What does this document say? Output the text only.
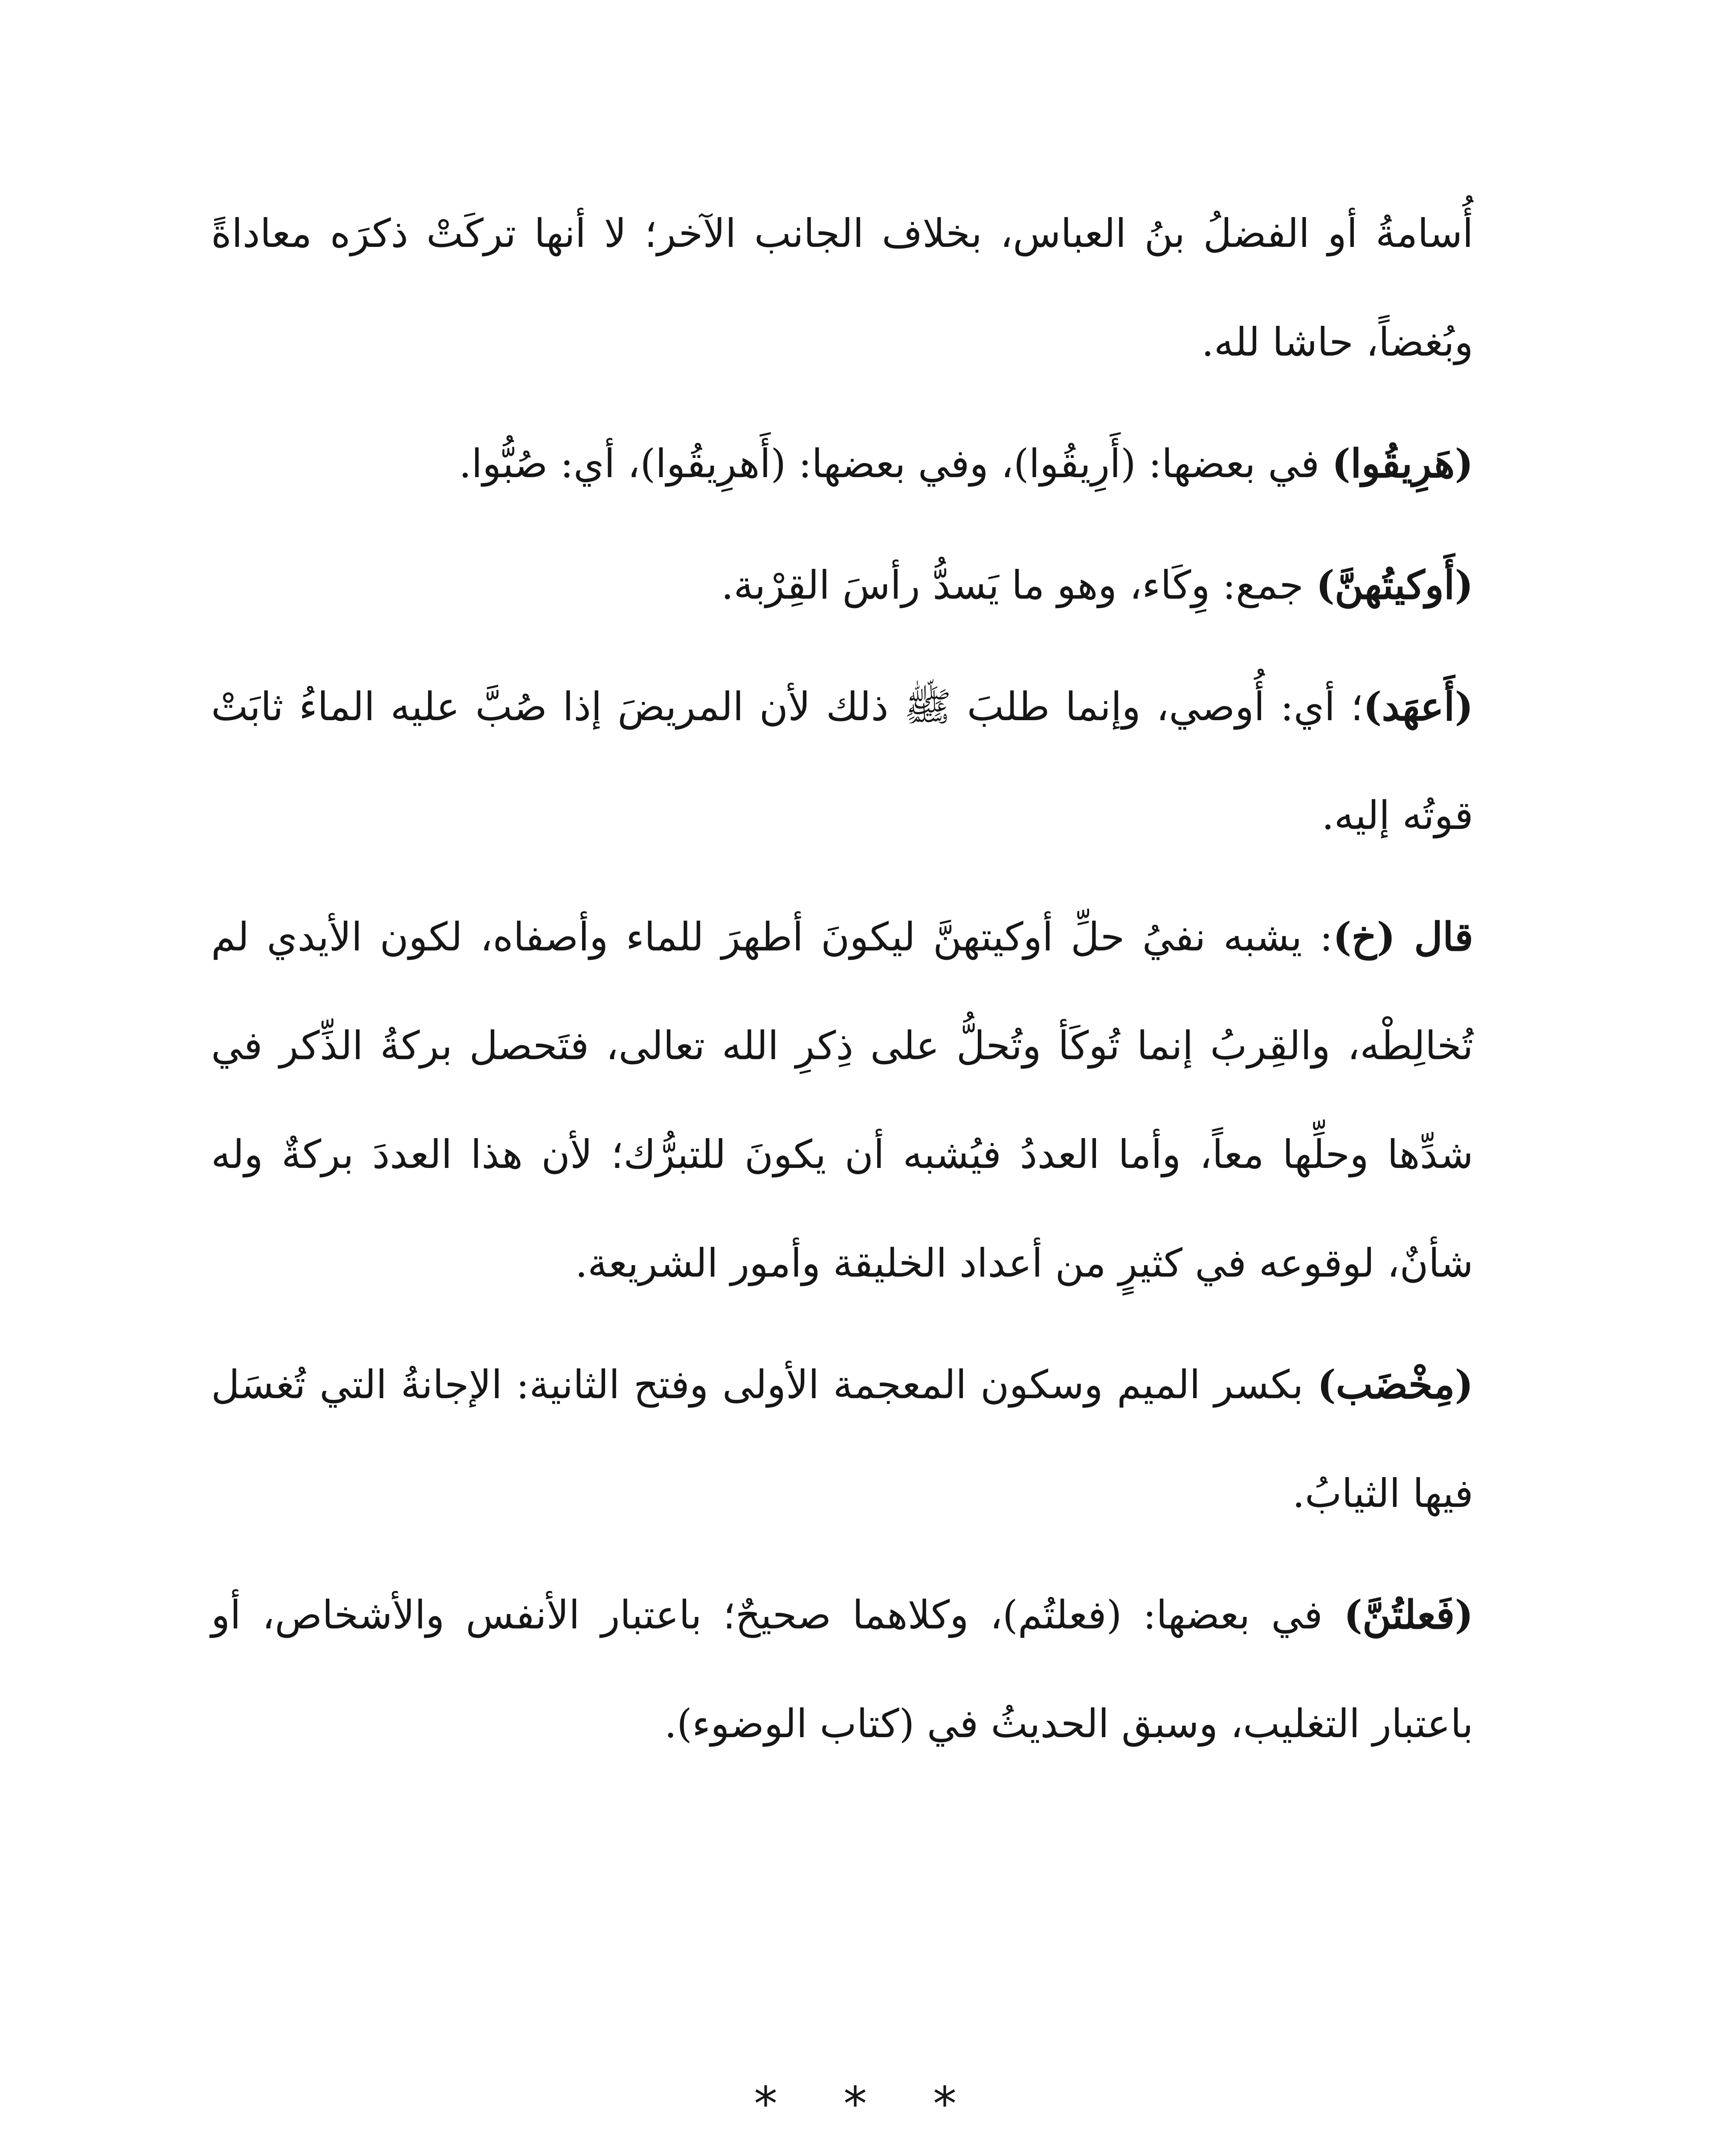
أُسامةُ أو الفضلُ بنُ العباس، بخلاف الجانب الآخر؛ لا أنها تركَتْ ذكرَه معاداةً وبُغضاً، حاشا لله.

(هَرِيقُوا) في بعضها: (أَرِيقُوا)، وفي بعضها: (أَهرِيقُوا)، أي: صُبُّوا.

(أَوكيتُهنَّ) جمع: وِكَاء، وهو ما يَسدُّ رأسَ القِرْبة.

(أَعهَد)؛ أي: أُوصي، وإنما طلبَ ﷺ ذلك لأن المريضَ إذا صُبَّ عليه الماءُ ثابَتْ قوتُه إليه.

قال (خ): يشبه نفيُ حلِّ أوكيتهنَّ ليكونَ أطهرَ للماء وأصفاه، لكون الأيدي لم تُخالِطْه، والقِربُ إنما تُوكَأ وتُحلُّ على ذِكرِ الله تعالى، فتَحصل بركةُ الذِّكر في شدِّها وحلِّها معاً، وأما العددُ فيُشبه أن يكونَ للتبرُّك؛ لأن هذا العددَ بركةٌ وله شأنٌ، لوقوعه في كثيرٍ من أعداد الخليقة وأمور الشريعة.

(مِخْضَب) بكسر الميم وسكون المعجمة الأولى وفتح الثانية: الإجانةُ التي تُغسَل فيها الثيابُ.

(فَعلتُنَّ) في بعضها: (فعلتُم)، وكلاهما صحيحٌ؛ باعتبار الأنفس والأشخاص، أو باعتبار التغليب، وسبق الحديثُ في (كتاب الوضوء).

* * *
